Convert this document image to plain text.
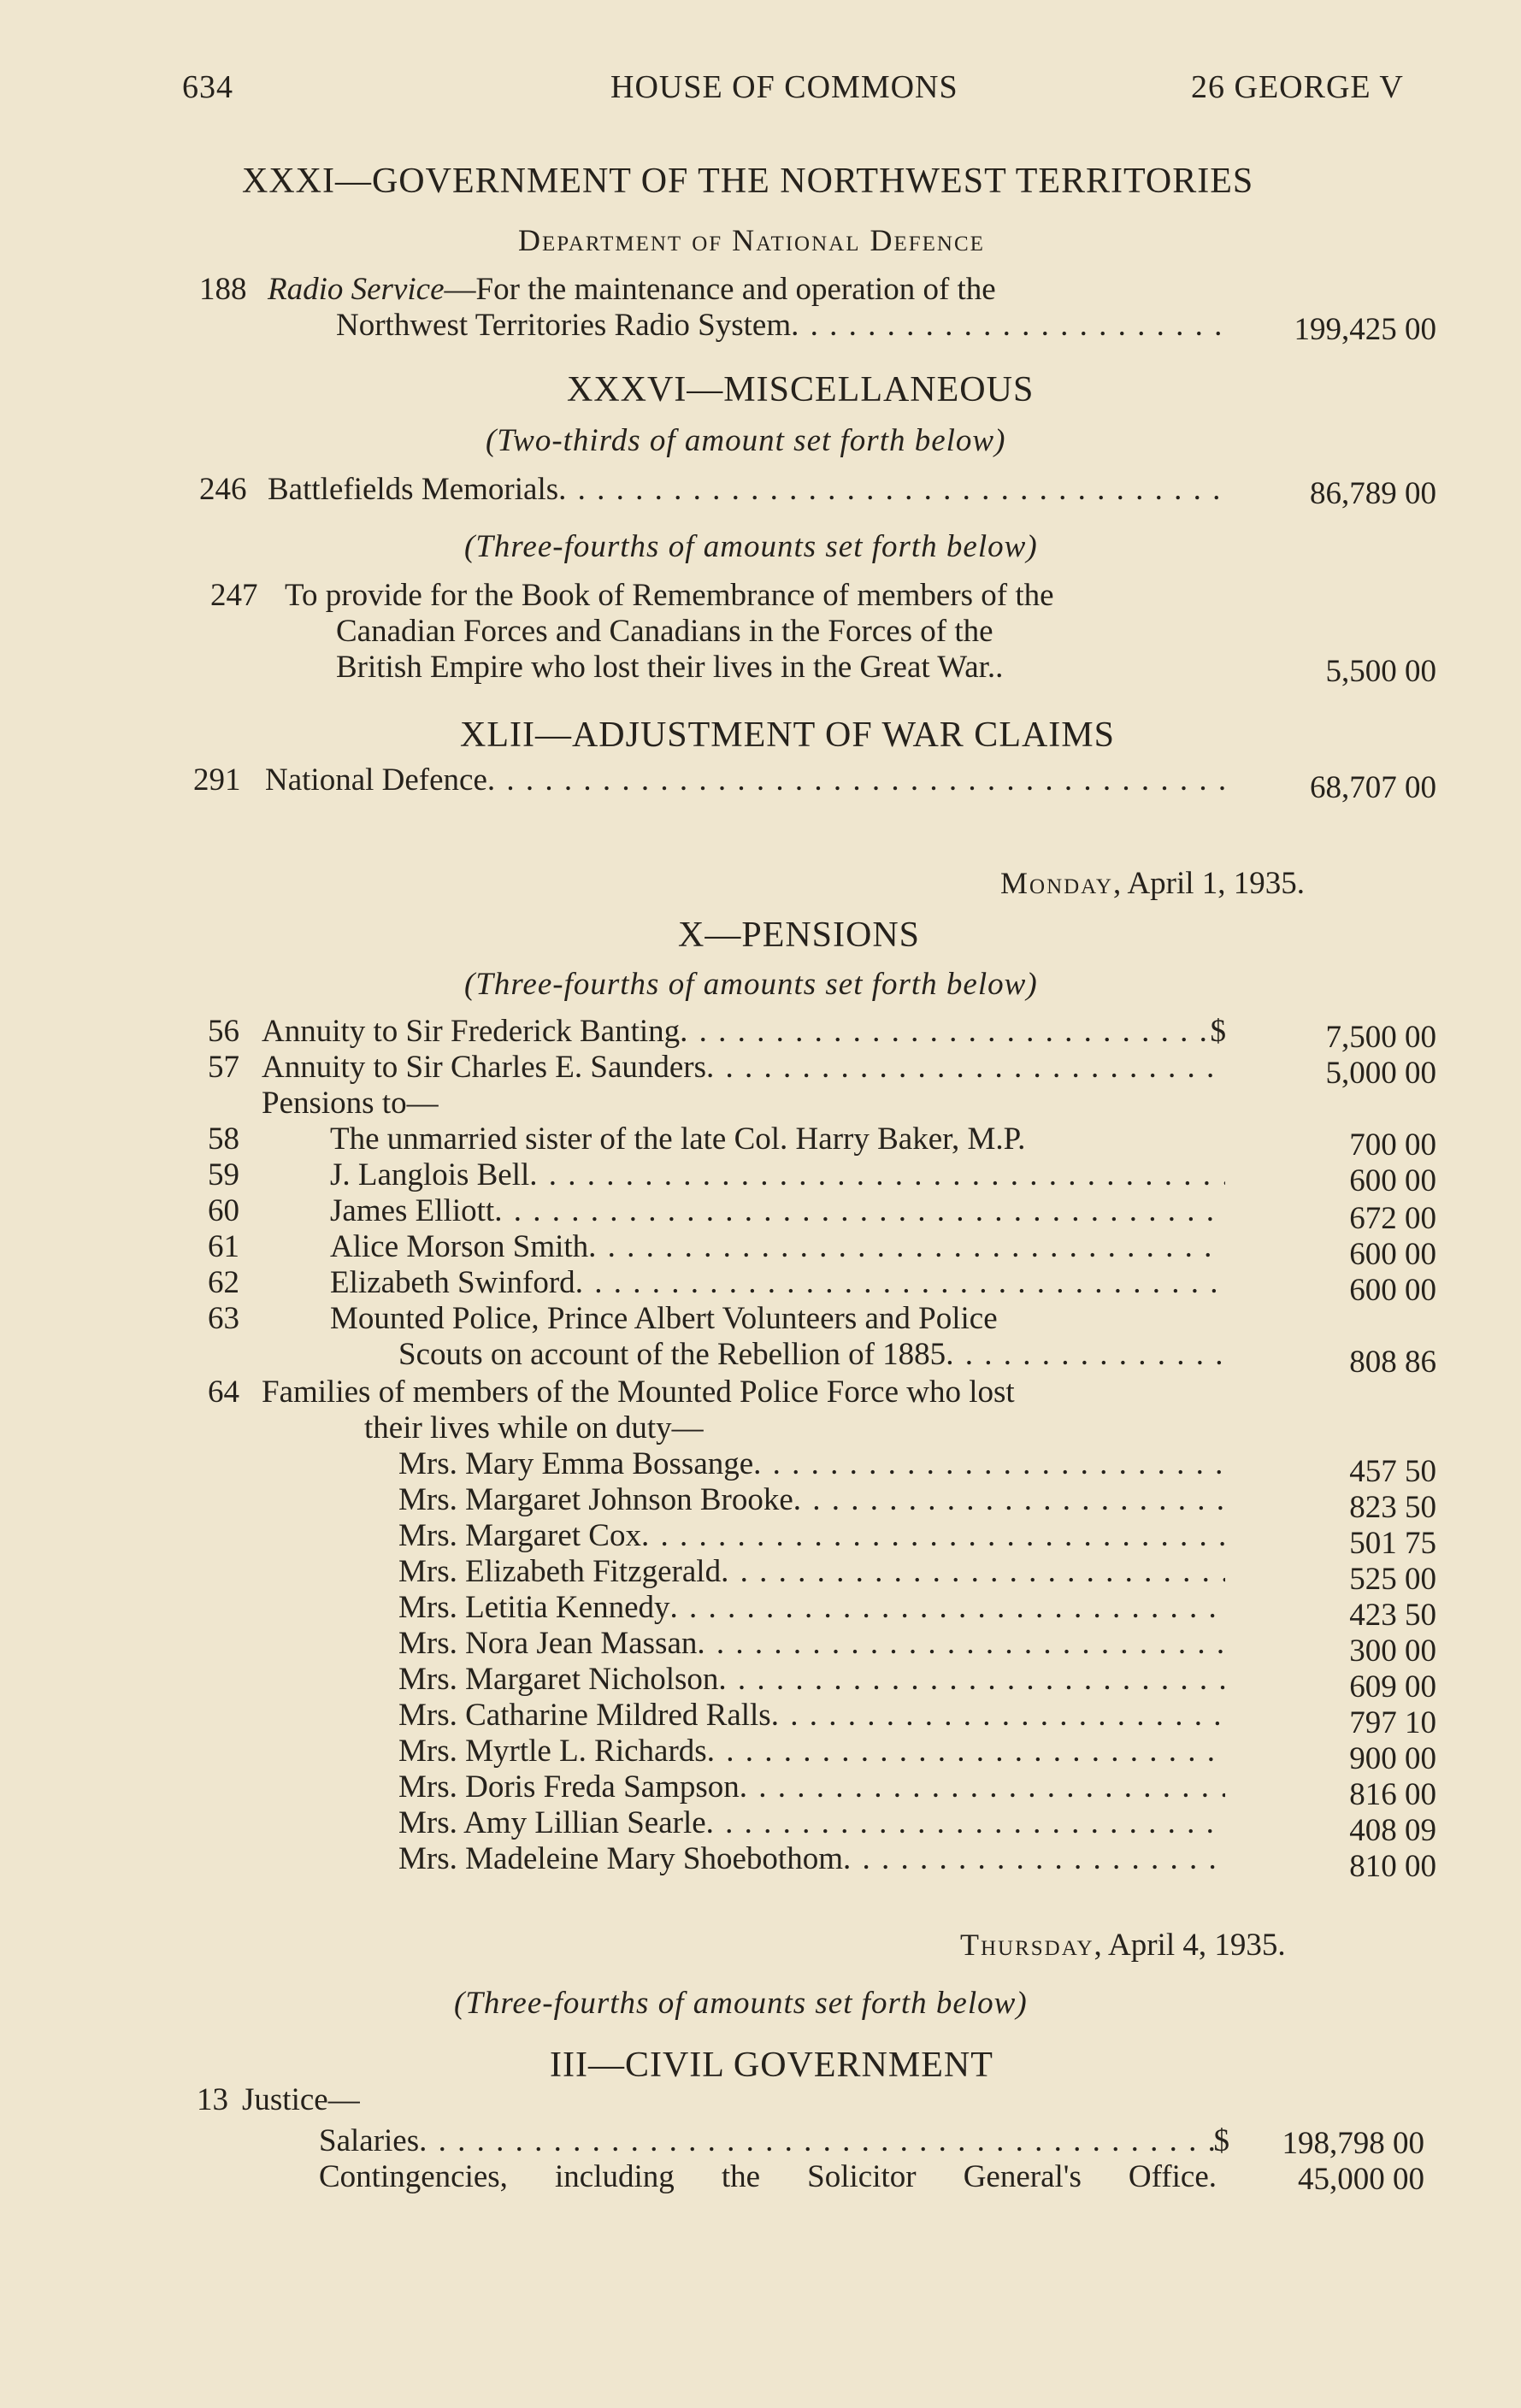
634	HOUSE OF COMMONS	26 GEORGE V
XXXI—GOVERNMENT OF THE NORTHWEST TERRITORIES
Department of National Defence
188 Radio Service—For the maintenance and operation of the
Northwest Territories Radio System . . .	199,425 00
XXXVI—MISCELLANEOUS
(Two-thirds of amount set forth below)
246 Battlefields Memorials . . .	86,789 00
(Three-fourths of amounts set forth below)
247 To provide for the Book of Remembrance of members of the
Canadian Forces and Canadians in the Forces of the
British Empire who lost their lives in the Great War..	5,500 00
XLII—ADJUSTMENT OF WAR CLAIMS
291 National Defence . . .	68,707 00
Monday, April 1, 1935.
X—PENSIONS
(Three-fourths of amounts set forth below)
56 Annuity to Sir Frederick Banting . . .	$	7,500 00
57 Annuity to Sir Charles E. Saunders . . .	5,000 00
Pensions to—
58	The unmarried sister of the late Col. Harry Baker, M.P.	700 00
59	J. Langlois Bell . . .	600 00
60	James Elliott . . .	672 00
61	Alice Morson Smith . . .	600 00
62	Elizabeth Swinford . . .	600 00
63	Mounted Police, Prince Albert Volunteers and Police
Scouts on account of the Rebellion of 1885 . . .	808 86
64 Families of members of the Mounted Police Force who lost
their lives while on duty—
Mrs. Mary Emma Bossange . . .	457 50
Mrs. Margaret Johnson Brooke . . .	823 50
Mrs. Margaret Cox . . .	501 75
Mrs. Elizabeth Fitzgerald . . .	525 00
Mrs. Letitia Kennedy . . .	423 50
Mrs. Nora Jean Massan . . .	300 00
Mrs. Margaret Nicholson . . .	609 00
Mrs. Catharine Mildred Ralls . . .	797 10
Mrs. Myrtle L. Richards . . .	900 00
Mrs. Doris Freda Sampson . . .	816 00
Mrs. Amy Lillian Searle . . .	408 09
Mrs. Madeleine Mary Shoebothom . . .	810 00
Thursday, April 4, 1935.
(Three-fourths of amounts set forth below)
III—CIVIL GOVERNMENT
13 Justice—
Salaries . . .	$	198,798 00
Contingencies, including the Solicitor General's Office.	45,000 00
